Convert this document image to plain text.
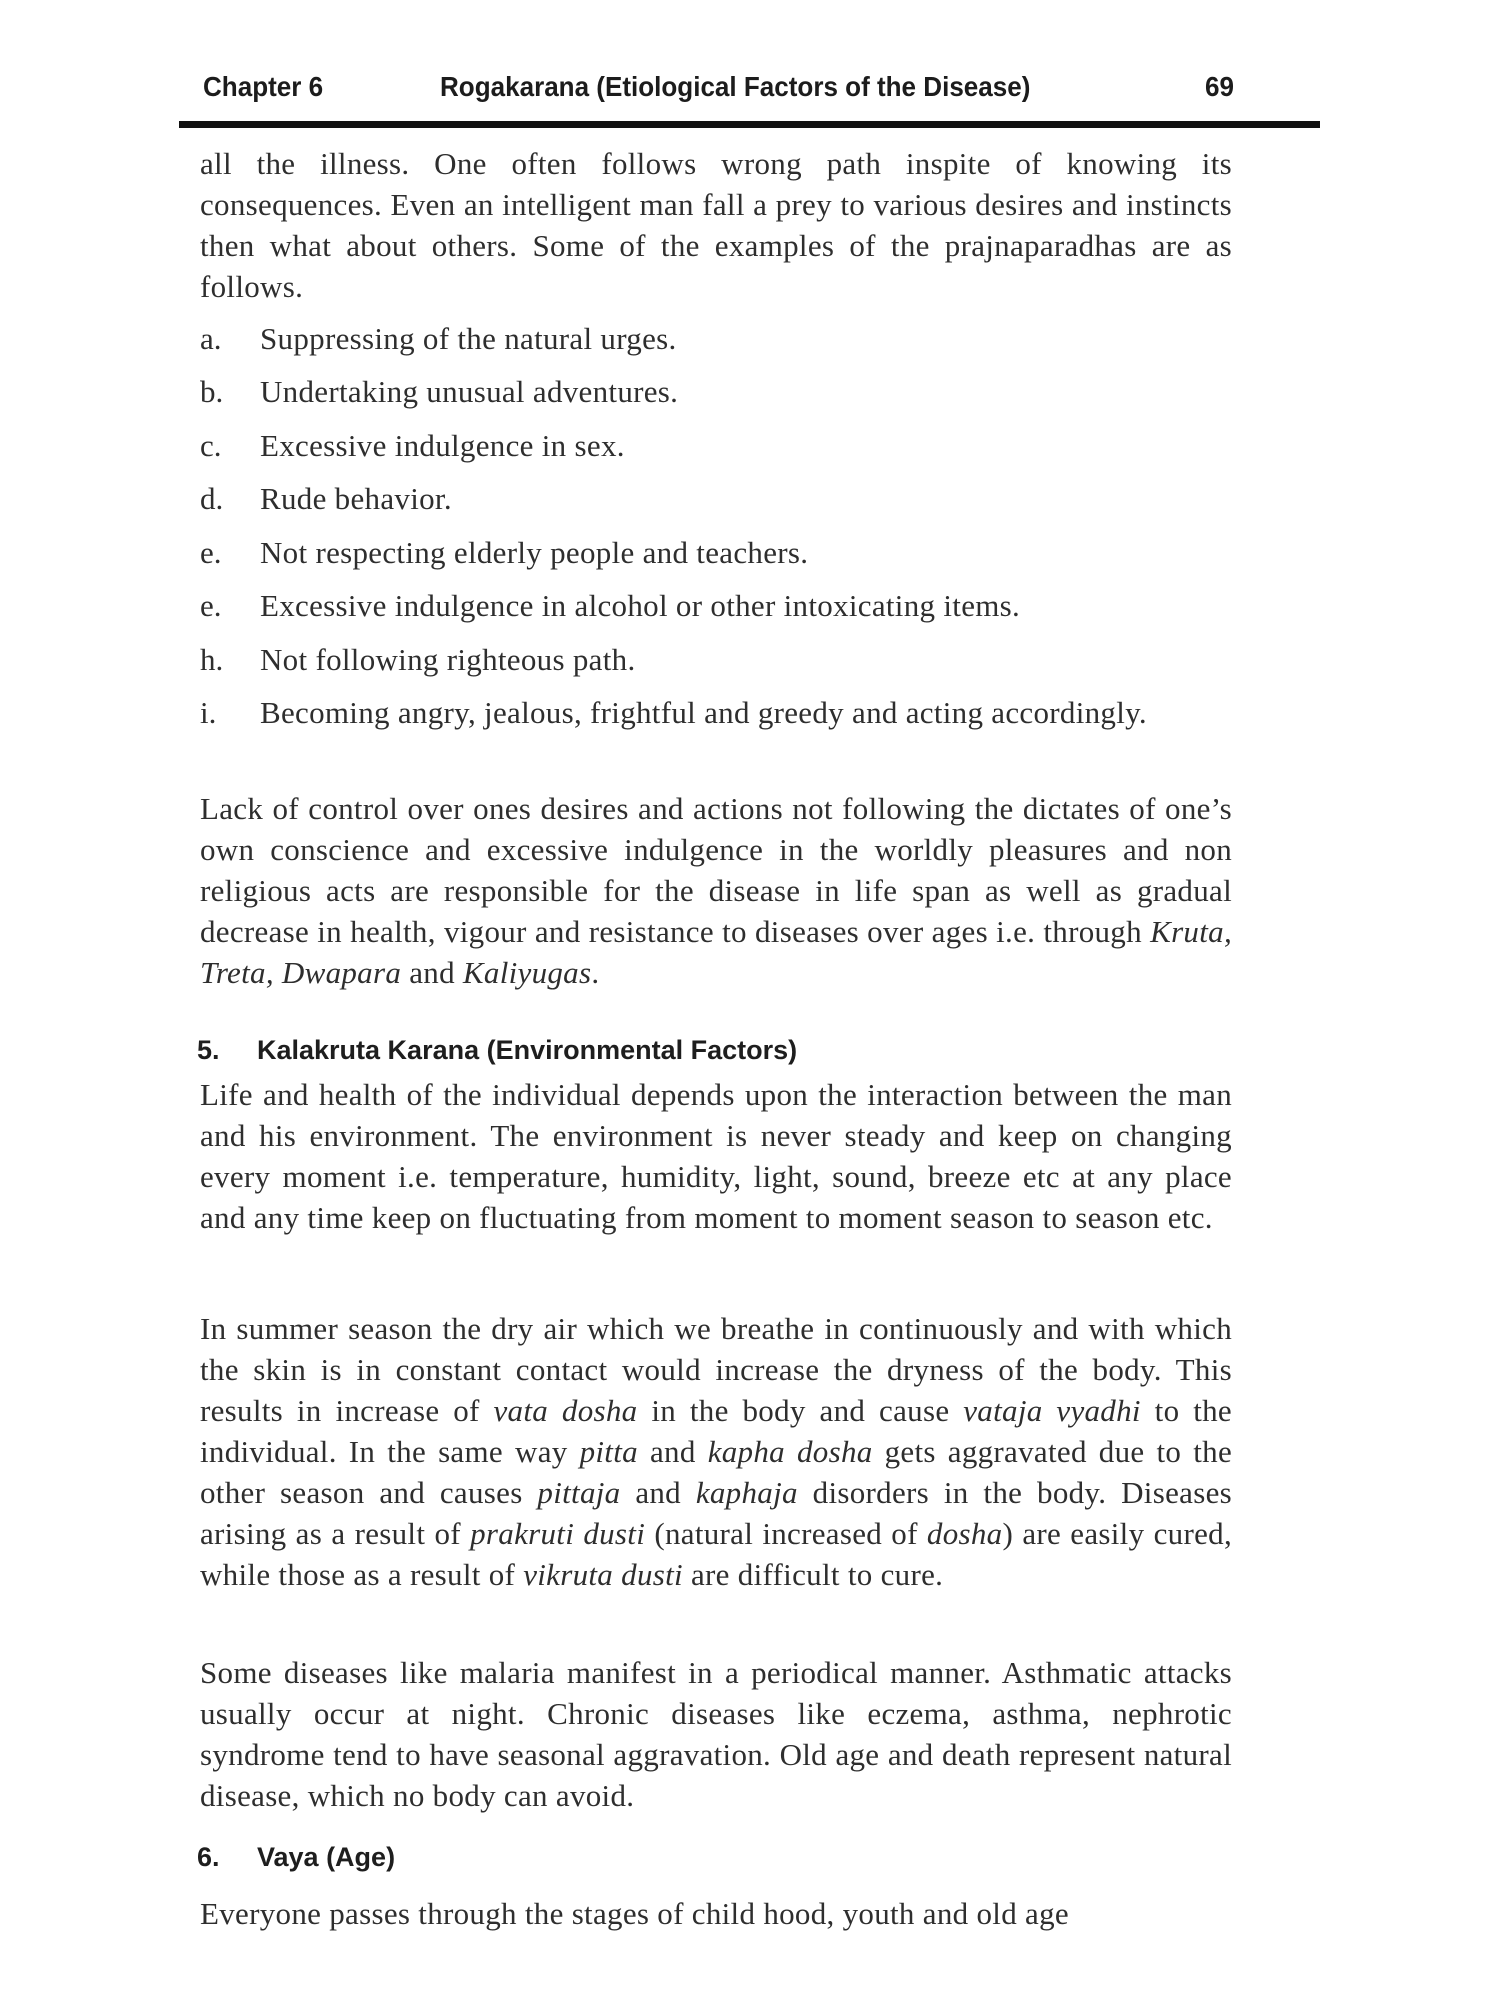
Chapter 6	Rogakarana (Etiological Factors of the Disease)	69

all the illness. One often follows wrong path inspite of knowing its consequences. Even an intelligent man fall a prey to various desires and instincts then what about others. Some of the examples of the prajnaparadhas are as follows.

a.	Suppressing of the natural urges.
b.	Undertaking unusual adventures.
c.	Excessive indulgence in sex.
d.	Rude behavior.
e.	Not respecting elderly people and teachers.
e.	Excessive indulgence in alcohol or other intoxicating items.
h.	Not following righteous path.
i.	Becoming angry, jealous, frightful and greedy and acting accordingly.

Lack of control over ones desires and actions not following the dictates of one’s own conscience and excessive indulgence in the worldly pleasures and non religious acts are responsible for the disease in life span as well as gradual decrease in health, vigour and resistance to diseases over ages i.e. through Kruta, Treta, Dwapara and Kaliyugas.

5.	Kalakruta Karana (Environmental Factors)

Life and health of the individual depends upon the interaction between the man and his environment. The environment is never steady and keep on changing every moment i.e. temperature, humidity, light, sound, breeze etc at any place and any time keep on fluctuating from moment to moment season to season etc.

In summer season the dry air which we breathe in continuously and with which the skin is in constant contact would increase the dryness of the body. This results in increase of vata dosha in the body and cause vataja vyadhi to the individual. In the same way pitta and kapha dosha gets aggravated due to the other season and causes pittaja and kaphaja disorders in the body. Diseases arising as a result of prakruti dusti (natural increased of dosha) are easily cured, while those as a result of vikruta dusti are difficult to cure.

Some diseases like malaria manifest in a periodical manner. Asthmatic attacks usually occur at night. Chronic diseases like eczema, asthma, nephrotic syndrome tend to have seasonal aggravation. Old age and death represent natural disease, which no body can avoid.

6.	Vaya (Age)

Everyone passes through the stages of child hood, youth and old age
